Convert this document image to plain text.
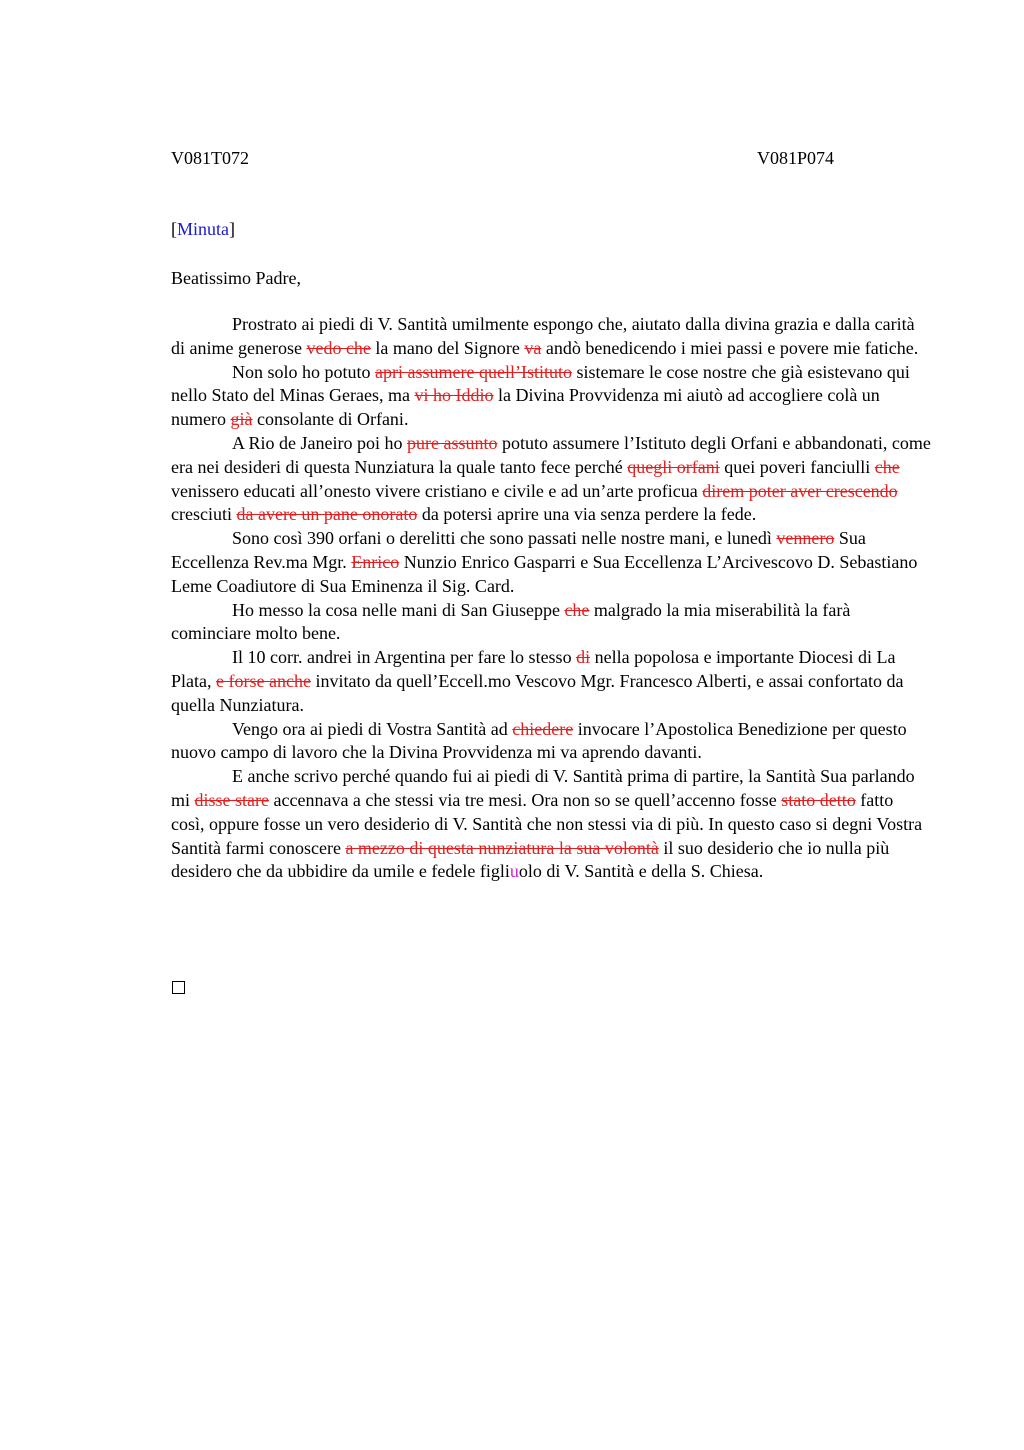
V081T072	V081P074
[Minuta]
Beatissimo Padre,

Prostrato ai piedi di V. Santità umilmente espongo che, aiutato dalla divina grazia e dalla carità di anime generose vedo che la mano del Signore va andò benedicendo i miei passi e povere mie fatiche.

Non solo ho potuto apri assumere quell’Istituto sistemare le cose nostre che già esistevano qui nello Stato del Minas Geraes, ma vi ho Iddio la Divina Provvidenza mi aiutò ad accogliere colà un numero già consolante di Orfani.

A Rio de Janeiro poi ho pure assunto potuto assumere l’Istituto degli Orfani e abbandonati, come era nei desideri di questa Nunziatura la quale tanto fece perché quegli orfani quei poveri fanciulli che venissero educati all’onesto vivere cristiano e civile e ad un’arte proficua direm poter aver crescendo cresciuti da avere un pane onorato da potersi aprire una via senza perdere la fede.

Sono così 390 orfani o derelitti che sono passati nelle nostre mani, e lunedì vennero Sua Eccellenza Rev.ma Mgr. Enrico Nunzio Enrico Gasparri e Sua Eccellenza L’Arcivescovo D. Sebastiano Leme Coadiutore di Sua Eminenza il Sig. Card.

Ho messo la cosa nelle mani di San Giuseppe che malgrado la mia miserabilità la farà cominciare molto bene.

Il 10 corr. andrei in Argentina per fare lo stesso di nella popolosa e importante Diocesi di La Plata, e forse anche invitato da quell’Eccell.mo Vescovo Mgr. Francesco Alberti, e assai confortato da quella Nunziatura.

Vengo ora ai piedi di Vostra Santità ad chiedere invocare l’Apostolica Benedizione per questo nuovo campo di lavoro che la Divina Provvidenza mi va aprendo davanti.

E anche scrivo perché quando fui ai piedi di V. Santità prima di partire, la Santità Sua parlando mi disse stare accennava a che stessi via tre mesi. Ora non so se quell’accenno fosse stato detto fatto così, oppure fosse un vero desiderio di V. Santità che non stessi via di più. In questo caso si degni Vostra Santità farmi conoscere a mezzo di questa nunziatura la sua volontà il suo desiderio che io nulla più desidero che da ubbidire da umile e fedele figliuolo di V. Santità e della S. Chiesa.
